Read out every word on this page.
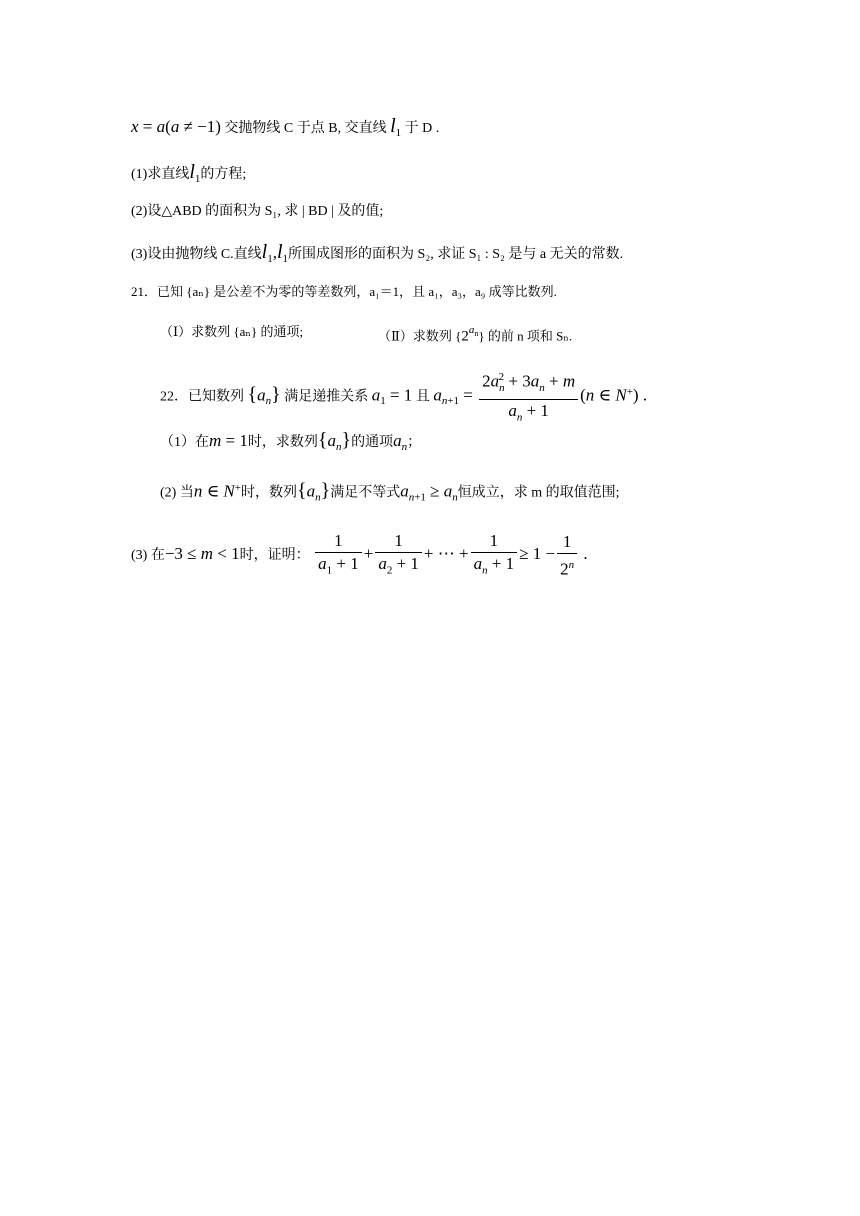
x = a(a ≠ −1) 交抛物线 C 于点 B, 交直线 $l_1$ 于 D .
(1)求直线$l_1$的方程;
(2)设△ABD 的面积为 S₁, 求 | BD | 及的值;
(3)设由抛物线 C.直线$l_1,l_1$所围成图形的面积为 S₂, 求证 S₁ : S₂ 是与 a 无关的常数.
21．已知 {aₙ} 是公差不为零的等差数列，a₁＝1，且 a₁，a₃，a₉ 成等比数列.
（Ⅰ）求数列 {aₙ} 的通项;	（Ⅱ）求数列 $\{2^{a_n}\}$ 的前 n 项和 Sₙ.
22．已知数列 $\{a_n\}$ 满足递推关系 $a_1 = 1$ 且 $a_{n+1} = \frac{2a_n^2 + 3a_n + m}{a_n + 1} (n$ ∈ N+) .
（1）在m = 1时，求数列$\{a_n\}$的通项$a_n$；
(2) 当n ∈ N+时，数列$\{a_n\}$满足不等式$a_{n+1} \ge a_n$恒成立，求 m 的取值范围;
(3) 在−3 ≤ m < 1时，证明： $\frac{1}{a_1 + 1} + \frac{1}{a_2 + 1}$ + ⋯ + $\frac{1}{a_n + 1} \ge 1 - \frac{1}{2^n}$ .
